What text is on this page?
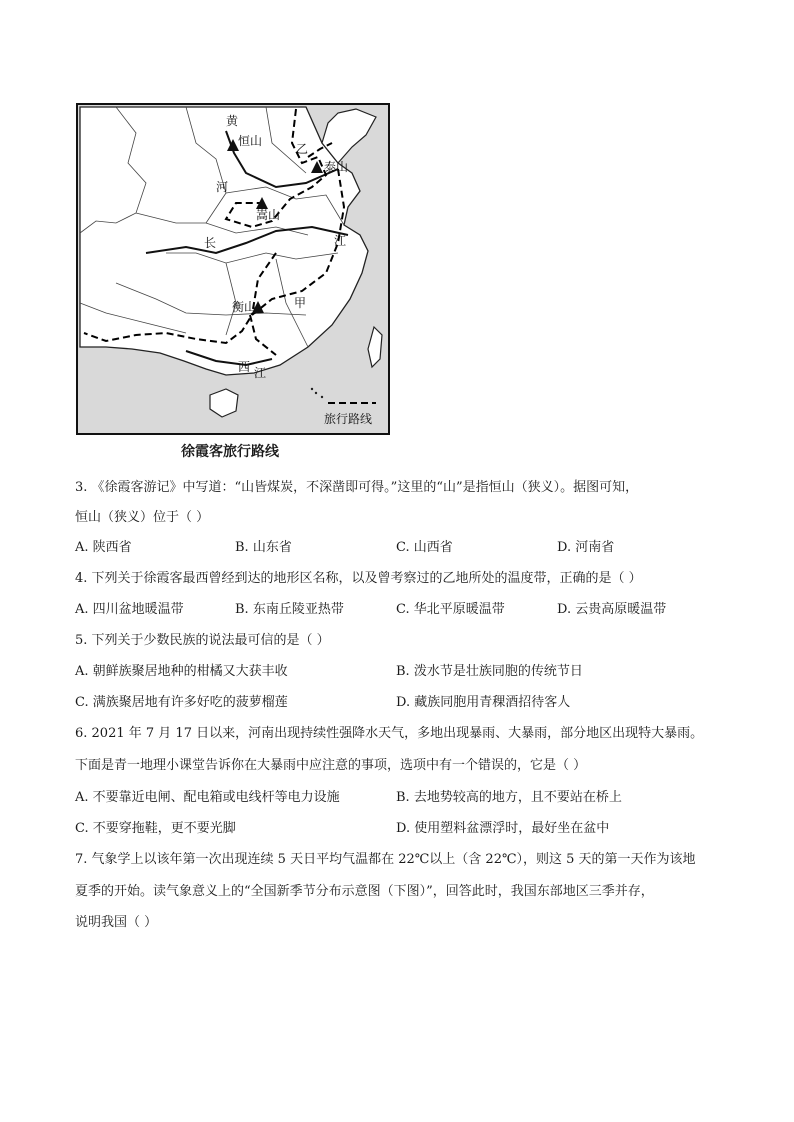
黄
恒山
乙
泰山
河
嵩山
长	江
衡山	甲
西 江
旅行路线
徐霞客旅行路线
3. 《徐霞客游记》中写道：“山皆煤炭，不深凿即可得。”这里的“山”是指恒山（狭义）。据图可知，
恒山（狭义）位于（ ）
A. 陕西省	B. 山东省	C. 山西省	D. 河南省
4. 下列关于徐霞客最西曾经到达的地形区名称，以及曾考察过的乙地所处的温度带，正确的是（ ）
A. 四川盆地暖温带	B. 东南丘陵亚热带	C. 华北平原暖温带	D. 云贵高原暖温带
5. 下列关于少数民族的说法最可信的是（ ）
A. 朝鲜族聚居地种的柑橘又大获丰收	B. 泼水节是壮族同胞的传统节日
C. 满族聚居地有许多好吃的菠萝榴莲	D. 藏族同胞用青稞酒招待客人
6. 2021 年 7 月 17 日以来，河南出现持续性强降水天气，多地出现暴雨、大暴雨，部分地区出现特大暴雨。
下面是青一地理小课堂告诉你在大暴雨中应注意的事项，选项中有一个错误的，它是（ ）
A. 不要靠近电闸、配电箱或电线杆等电力设施	B. 去地势较高的地方，且不要站在桥上
C. 不要穿拖鞋，更不要光脚	D. 使用塑料盆漂浮时，最好坐在盆中
7. 气象学上以该年第一次出现连续 5 天日平均气温都在 22℃以上（含 22℃），则这 5 天的第一天作为该地
夏季的开始。读气象意义上的“全国新季节分布示意图（下图）”，回答此时，我国东部地区三季并存，
说明我国（ ）
